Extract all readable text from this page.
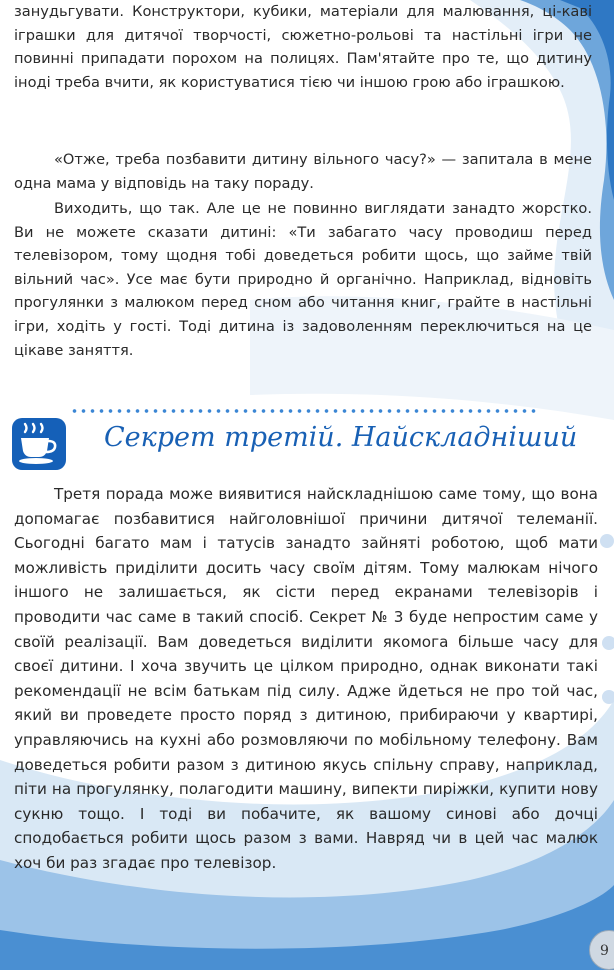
занудьгувати. Конструктори, кубики, матеріали для малювання, ці-каві іграшки для дитячої творчості, сюжетно-рольові та настільні ігри не повинні припадати порохом на полицях. Пам'ятайте про те, що дитину іноді треба вчити, як користуватися тією чи іншою грою або іграшкою.

«Отже, треба позбавити дитину вільного часу?» — запитала в мене одна мама у відповідь на таку пораду.

Виходить, що так. Але це не повинно виглядати занадто жорстко. Ви не можете сказати дитині: «Ти забагато часу проводиш перед телевізором, тому щодня тобі доведеться робити щось, що займе твій вільний час». Усе має бути природно й органічно. Наприклад, відновіть прогулянки з малюком перед сном або читання книг, грайте в настільні ігри, ходіть у гості. Тоді дитина із задоволенням переключиться на це цікаве заняття.

Секрет третій. Найскладніший

Третя порада може виявитися найскладнішою саме тому, що вона допомагає позбавитися найголовнішої причини дитячої телеманії. Сьогодні багато мам і татусів занадто зайняті роботою, щоб мати можливість приділити досить часу своїм дітям. Тому малюкам нічого іншого не залишається, як сісти перед екранами телевізорів і проводити час саме в такий спосіб. Секрет № 3 буде непростим саме у своїй реалізації. Вам доведеться виділити якомога більше часу для своєї дитини. І хоча звучить це цілком природно, однак виконати такі рекомендації не всім батькам під силу. Адже йдеться не про той час, який ви проведете просто поряд з дитиною, прибираючи у квартирі, управляючись на кухні або розмовляючи по мобільному телефону. Вам доведеться робити разом з дитиною якусь спільну справу, наприклад, піти на прогулянку, полагодити машину, випекти пиріжки, купити нову сукню тощо. І тоді ви побачите, як вашому синові або дочці сподобається робити щось разом з вами. Навряд чи в цей час малюк хоч би раз згадає про телевізор.

9
